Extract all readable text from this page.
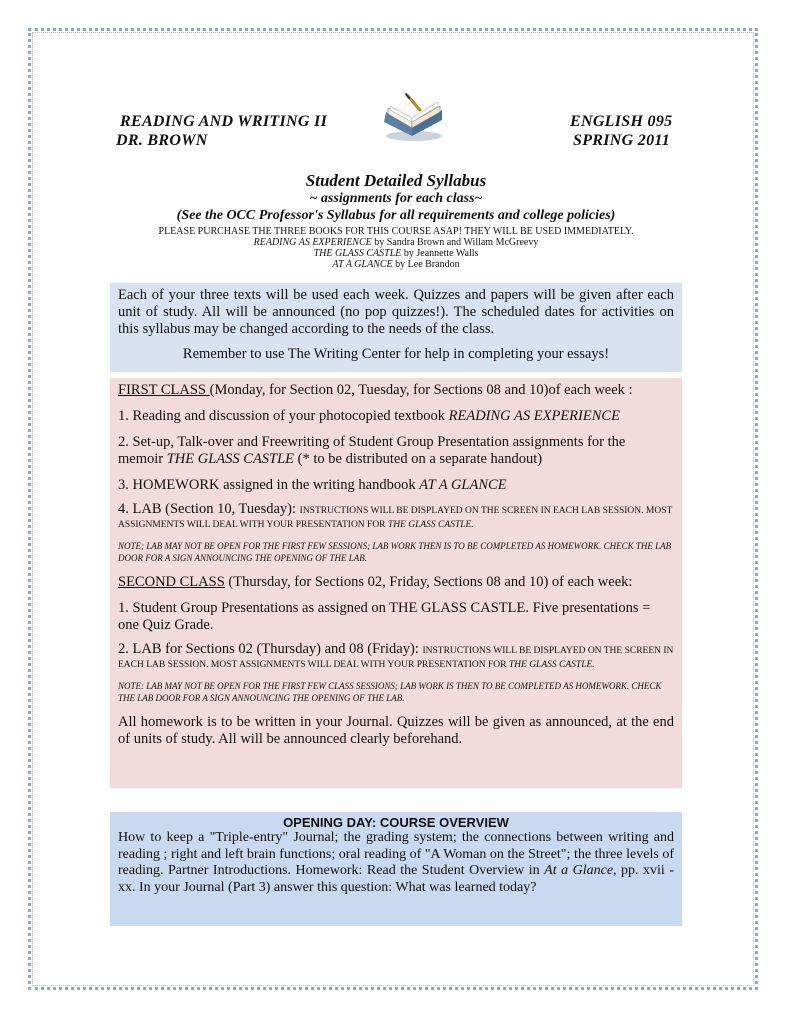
READING AND WRITING II
DR. BROWN
ENGLISH 095
SPRING 2011
Student Detailed Syllabus
~ assignments for each class~
(See the OCC Professor's Syllabus for all requirements and college policies)
PLEASE PURCHASE THE THREE BOOKS FOR THIS COURSE ASAP! THEY WILL BE USED IMMEDIATELY.
READING AS EXPERIENCE by Sandra Brown and Willam McGreevy
THE GLASS CASTLE by Jeannette Walls
AT A GLANCE by Lee Brandon

Each of your three texts will be used each week. Quizzes and papers will be given after each unit of study. All will be announced (no pop quizzes!). The scheduled dates for activities on this syllabus may be changed according to the needs of the class.

Remember to use The Writing Center for help in completing your essays!

FIRST CLASS (Monday, for Section 02, Tuesday, for Sections 08 and 10)of each week :

1. Reading and discussion of your photocopied textbook READING AS EXPERIENCE

2. Set-up, Talk-over and Freewriting of Student Group Presentation assignments for the memoir THE GLASS CASTLE (* to be distributed on a separate handout)

3. HOMEWORK assigned in the writing handbook AT A GLANCE

4. LAB (Section 10, Tuesday): INSTRUCTIONS WILL BE DISPLAYED ON THE SCREEN IN EACH LAB SESSION. MOST ASSIGNMENTS WILL DEAL WITH YOUR PRESENTATION FOR THE GLASS CASTLE.

NOTE; LAB MAY NOT BE OPEN FOR THE FIRST FEW SESSIONS; LAB WORK THEN IS TO BE COMPLETED AS HOMEWORK. CHECK THE LAB DOOR FOR A SIGN ANNOUNCING THE OPENING OF THE LAB.

SECOND CLASS (Thursday, for Sections 02, Friday, Sections 08 and 10) of each week:

1. Student Group Presentations as assigned on THE GLASS CASTLE. Five presentations = one Quiz Grade.

2. LAB for Sections 02 (Thursday) and 08 (Friday): INSTRUCTIONS WILL BE DISPLAYED ON THE SCREEN IN EACH LAB SESSION. MOST ASSIGNMENTS WILL DEAL WITH YOUR PRESENTATION FOR THE GLASS CASTLE.

NOTE: LAB MAY NOT BE OPEN FOR THE FIRST FEW CLASS SESSIONS; LAB WORK IS THEN TO BE COMPLETED AS HOMEWORK. CHECK THE LAB DOOR FOR A SIGN ANNOUNCING THE OPENING OF THE LAB.

All homework is to be written in your Journal. Quizzes will be given as announced, at the end of units of study. All will be announced clearly beforehand.

OPENING DAY: COURSE OVERVIEW

How to keep a "Triple-entry" Journal; the grading system; the connections between writing and reading ; right and left brain functions; oral reading of "A Woman on the Street"; the three levels of reading. Partner Introductions. Homework: Read the Student Overview in At a Glance, pp. xvii - xx. In your Journal (Part 3) answer this question: What was learned today?
